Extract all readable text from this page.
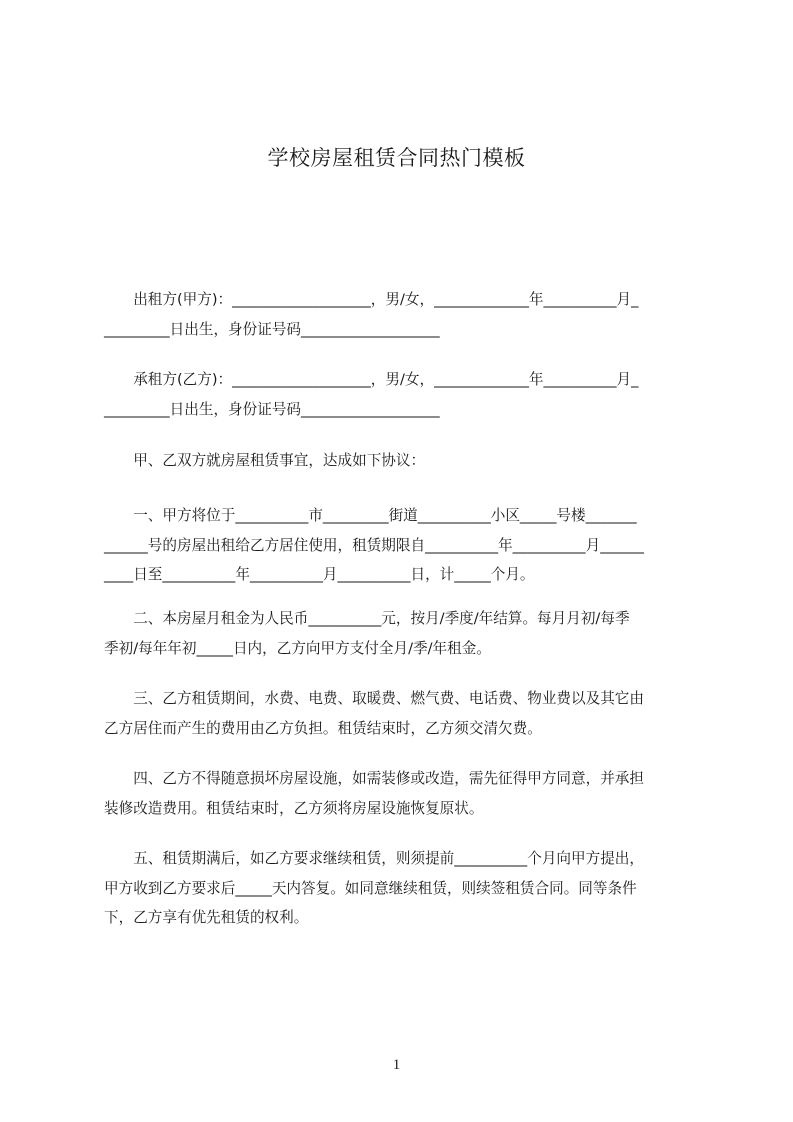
学校房屋租赁合同热门模板
　　出租方(甲方)：___________________，男/女，_____________年__________月_
_________日出生，身份证号码___________________
　　承租方(乙方)：___________________，男/女，_____________年__________月_
_________日出生，身份证号码___________________
　　甲、乙双方就房屋租赁事宜，达成如下协议：
　　一、甲方将位于__________市_________街道__________小区_____号楼_______
______号的房屋出租给乙方居住使用，租赁期限自__________年__________月______
____日至__________年__________月__________日，计_____个月。
　　二、本房屋月租金为人民币__________元，按月/季度/年结算。每月月初/每季
季初/每年年初_____日内，乙方向甲方支付全月/季/年租金。
　　三、乙方租赁期间，水费、电费、取暖费、燃气费、电话费、物业费以及其它由
乙方居住而产生的费用由乙方负担。租赁结束时，乙方须交清欠费。
　　四、乙方不得随意损坏房屋设施，如需装修或改造，需先征得甲方同意，并承担
装修改造费用。租赁结束时，乙方须将房屋设施恢复原状。
　　五、租赁期满后，如乙方要求继续租赁，则须提前__________个月向甲方提出，
甲方收到乙方要求后_____天内答复。如同意继续租赁，则续签租赁合同。同等条件
下，乙方享有优先租赁的权利。
1
